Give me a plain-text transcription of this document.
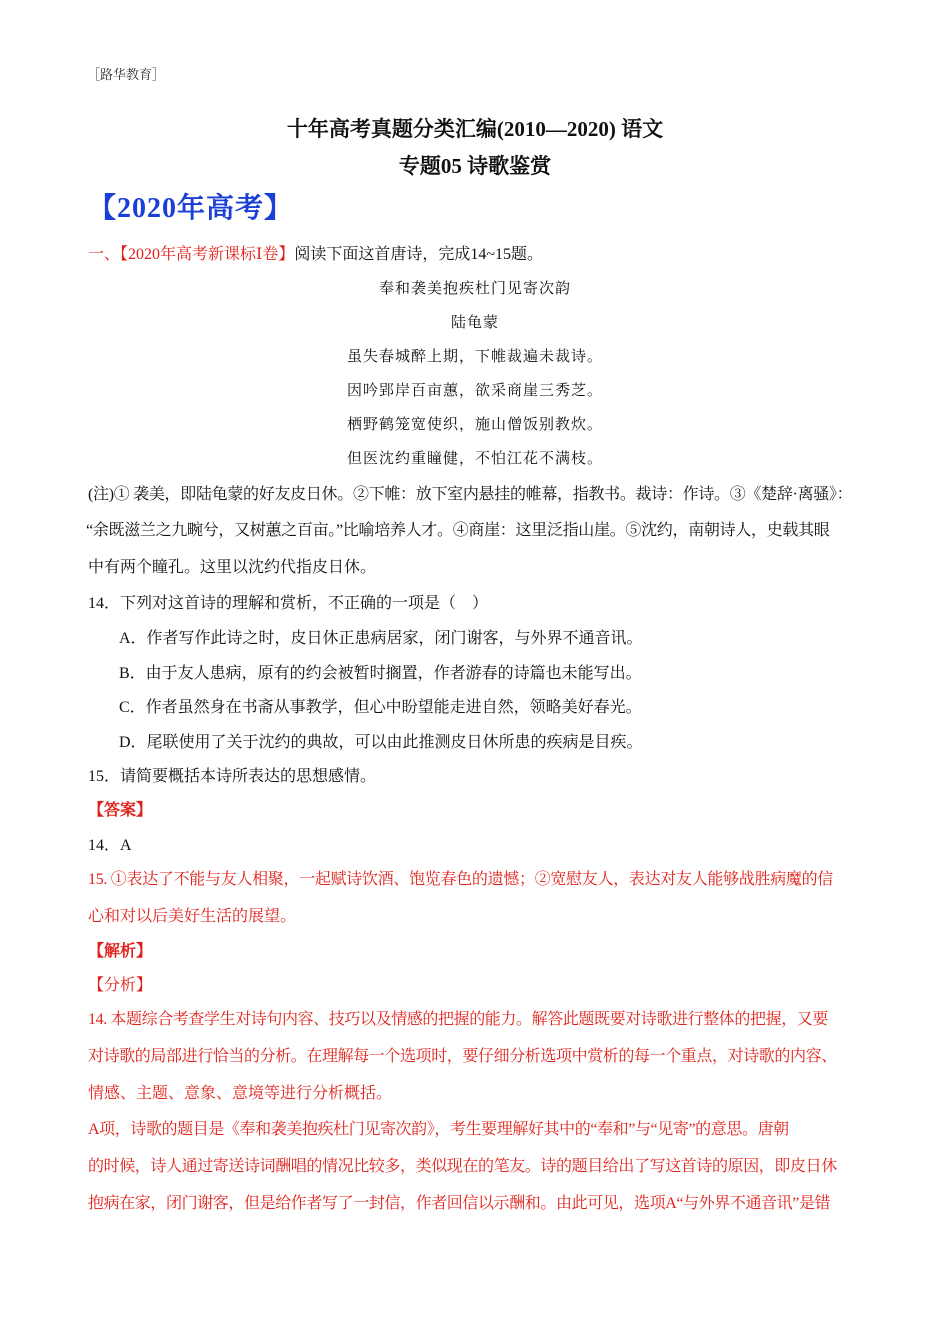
［路华教育］
十年高考真题分类汇编(2010—2020) 语文
专题05 诗歌鉴赏
【2020年高考】
一、【2020年高考新课标Ⅰ卷】阅读下面这首唐诗，完成14~15题。
奉和袭美抱疾杜门见寄次韵
陆龟蒙
虽失春城醉上期，下帷裁遍未裁诗。
因吟郢岸百亩蕙，欲采商崖三秀芝。
栖野鹤笼宽使织，施山僧饭别教炊。
但医沈约重瞳健，不怕江花不满枝。
(注)① 袭美，即陆龟蒙的好友皮日休。②下帷：放下室内悬挂的帷幕，指教书。裁诗：作诗。③《楚辞·离骚》：
“余既滋兰之九畹兮，又树蕙之百亩。”比喻培养人才。④商崖：这里泛指山崖。⑤沈约，南朝诗人，史载其眼
中有两个瞳孔。这里以沈约代指皮日休。
14．下列对这首诗的理解和赏析，不正确的一项是（　）
A．作者写作此诗之时，皮日休正患病居家，闭门谢客，与外界不通音讯。
B．由于友人患病，原有的约会被暂时搁置，作者游春的诗篇也未能写出。
C．作者虽然身在书斋从事教学，但心中盼望能走进自然，领略美好春光。
D．尾联使用了关于沈约的典故，可以由此推测皮日休所患的疾病是目疾。
15．请简要概括本诗所表达的思想感情。
【答案】
14．A
15. ①表达了不能与友人相聚，一起赋诗饮酒、饱览春色的遗憾；②宽慰友人，表达对友人能够战胜病魔的信
心和对以后美好生活的展望。
【解析】
【分析】
14. 本题综合考查学生对诗句内容、技巧以及情感的把握的能力。解答此题既要对诗歌进行整体的把握，又要
对诗歌的局部进行恰当的分析。在理解每一个选项时，要仔细分析选项中赏析的每一个重点，对诗歌的内容、
情感、主题、意象、意境等进行分析概括。
A项，诗歌的题目是《奉和袭美抱疾杜门见寄次韵》，考生要理解好其中的“奉和”与“见寄”的意思。唐朝
的时候，诗人通过寄送诗词酬唱的情况比较多，类似现在的笔友。诗的题目给出了写这首诗的原因，即皮日休
抱病在家，闭门谢客，但是给作者写了一封信，作者回信以示酬和。由此可见，选项A“与外界不通音讯”是错
